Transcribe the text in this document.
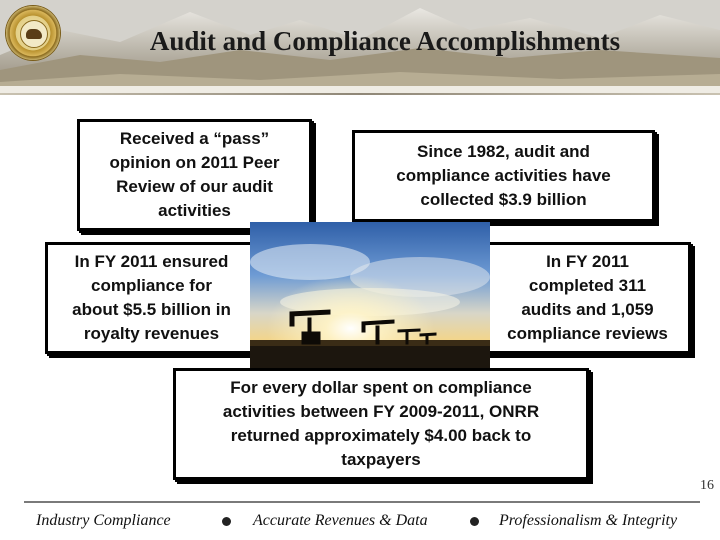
Audit and Compliance Accomplishments
Received a “pass”
opinion on 2011 Peer
Review of our audit
activities
Since 1982, audit and
compliance activities have
collected $3.9 billion
In FY 2011 ensured
compliance for
about $5.5 billion in
royalty revenues
In FY 2011
completed 311
audits and 1,059
compliance reviews
For every dollar spent on compliance
activities between FY 2009-2011, ONRR
returned approximately $4.00 back to
taxpayers
16
Industry Compliance	Accurate Revenues & Data	Professionalism & Integrity
